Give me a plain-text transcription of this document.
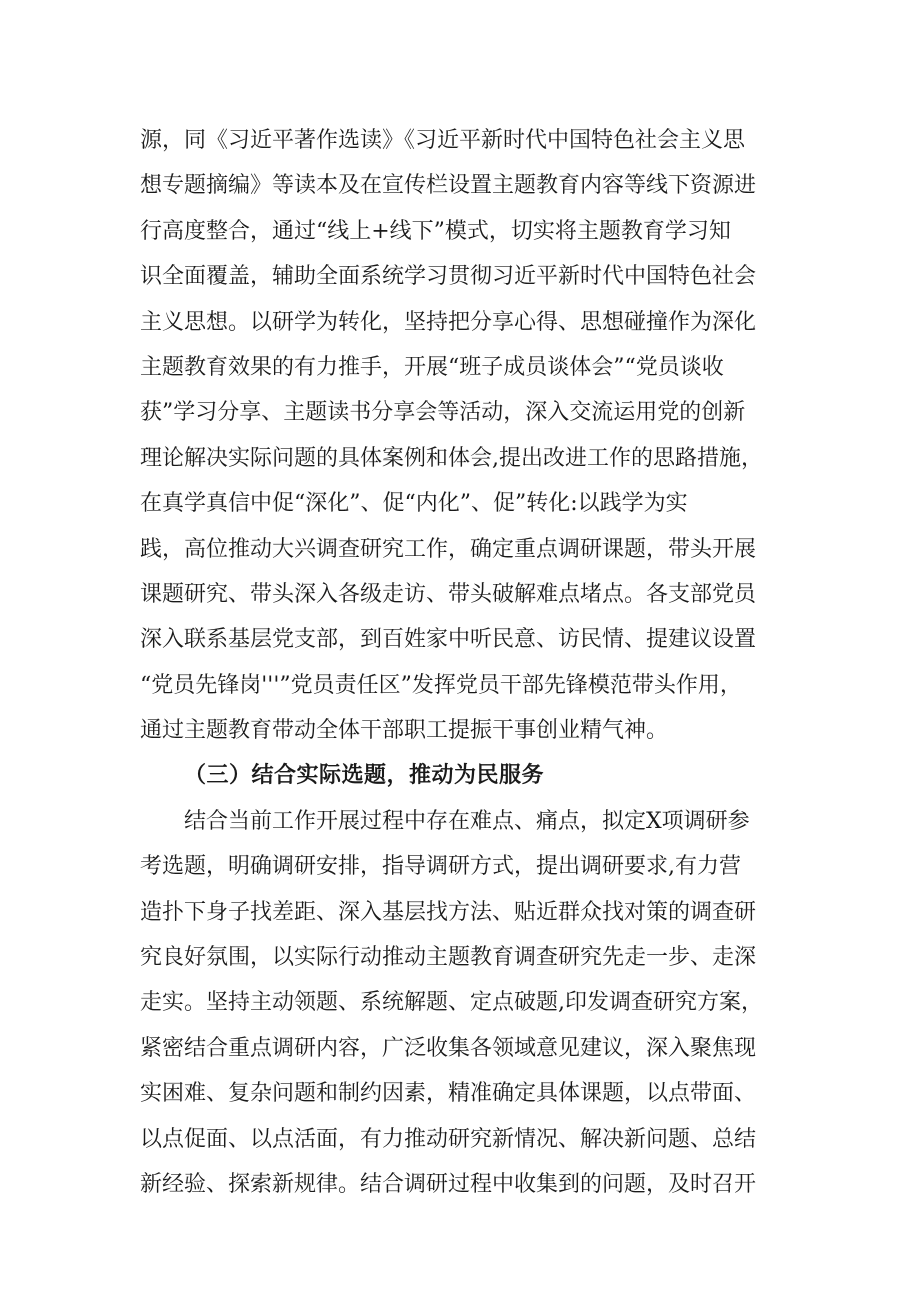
源，同《习近平著作选读》《习近平新时代中国特色社会主义思
想专题摘编》等读本及在宣传栏设置主题教育内容等线下资源进
行高度整合，通过“线上+线下”模式，切实将主题教育学习知
识全面覆盖，辅助全面系统学习贯彻习近平新时代中国特色社会
主义思想。以研学为转化，坚持把分享心得、思想碰撞作为深化
主题教育效果的有力推手，开展“班子成员谈体会”“党员谈收
获”学习分享、主题读书分享会等活动，深入交流运用党的创新
理论解决实际问题的具体案例和体会,提出改进工作的思路措施，
在真学真信中促“深化”、促“内化”、促”转化:以践学为实
践，高位推动大兴调查研究工作，确定重点调研课题，带头开展
课题研究、带头深入各级走访、带头破解难点堵点。各支部党员
深入联系基层党支部，到百姓家中听民意、访民情、提建议设置
“党员先锋岗'''”党员责任区”发挥党员干部先锋模范带头作用，
通过主题教育带动全体干部职工提振干事创业精气神。
（三）结合实际选题，推动为民服务
结合当前工作开展过程中存在难点、痛点，拟定X项调研参
考选题，明确调研安排，指导调研方式，提出调研要求,有力营
造扑下身子找差距、深入基层找方法、贴近群众找对策的调查研
究良好氛围，以实际行动推动主题教育调查研究先走一步、走深
走实。坚持主动领题、系统解题、定点破题,印发调查研究方案，
紧密结合重点调研内容，广泛收集各领域意见建议，深入聚焦现
实困难、复杂问题和制约因素，精准确定具体课题，以点带面、
以点促面、以点活面，有力推动研究新情况、解决新问题、总结
新经验、探索新规律。结合调研过程中收集到的问题，及时召开
